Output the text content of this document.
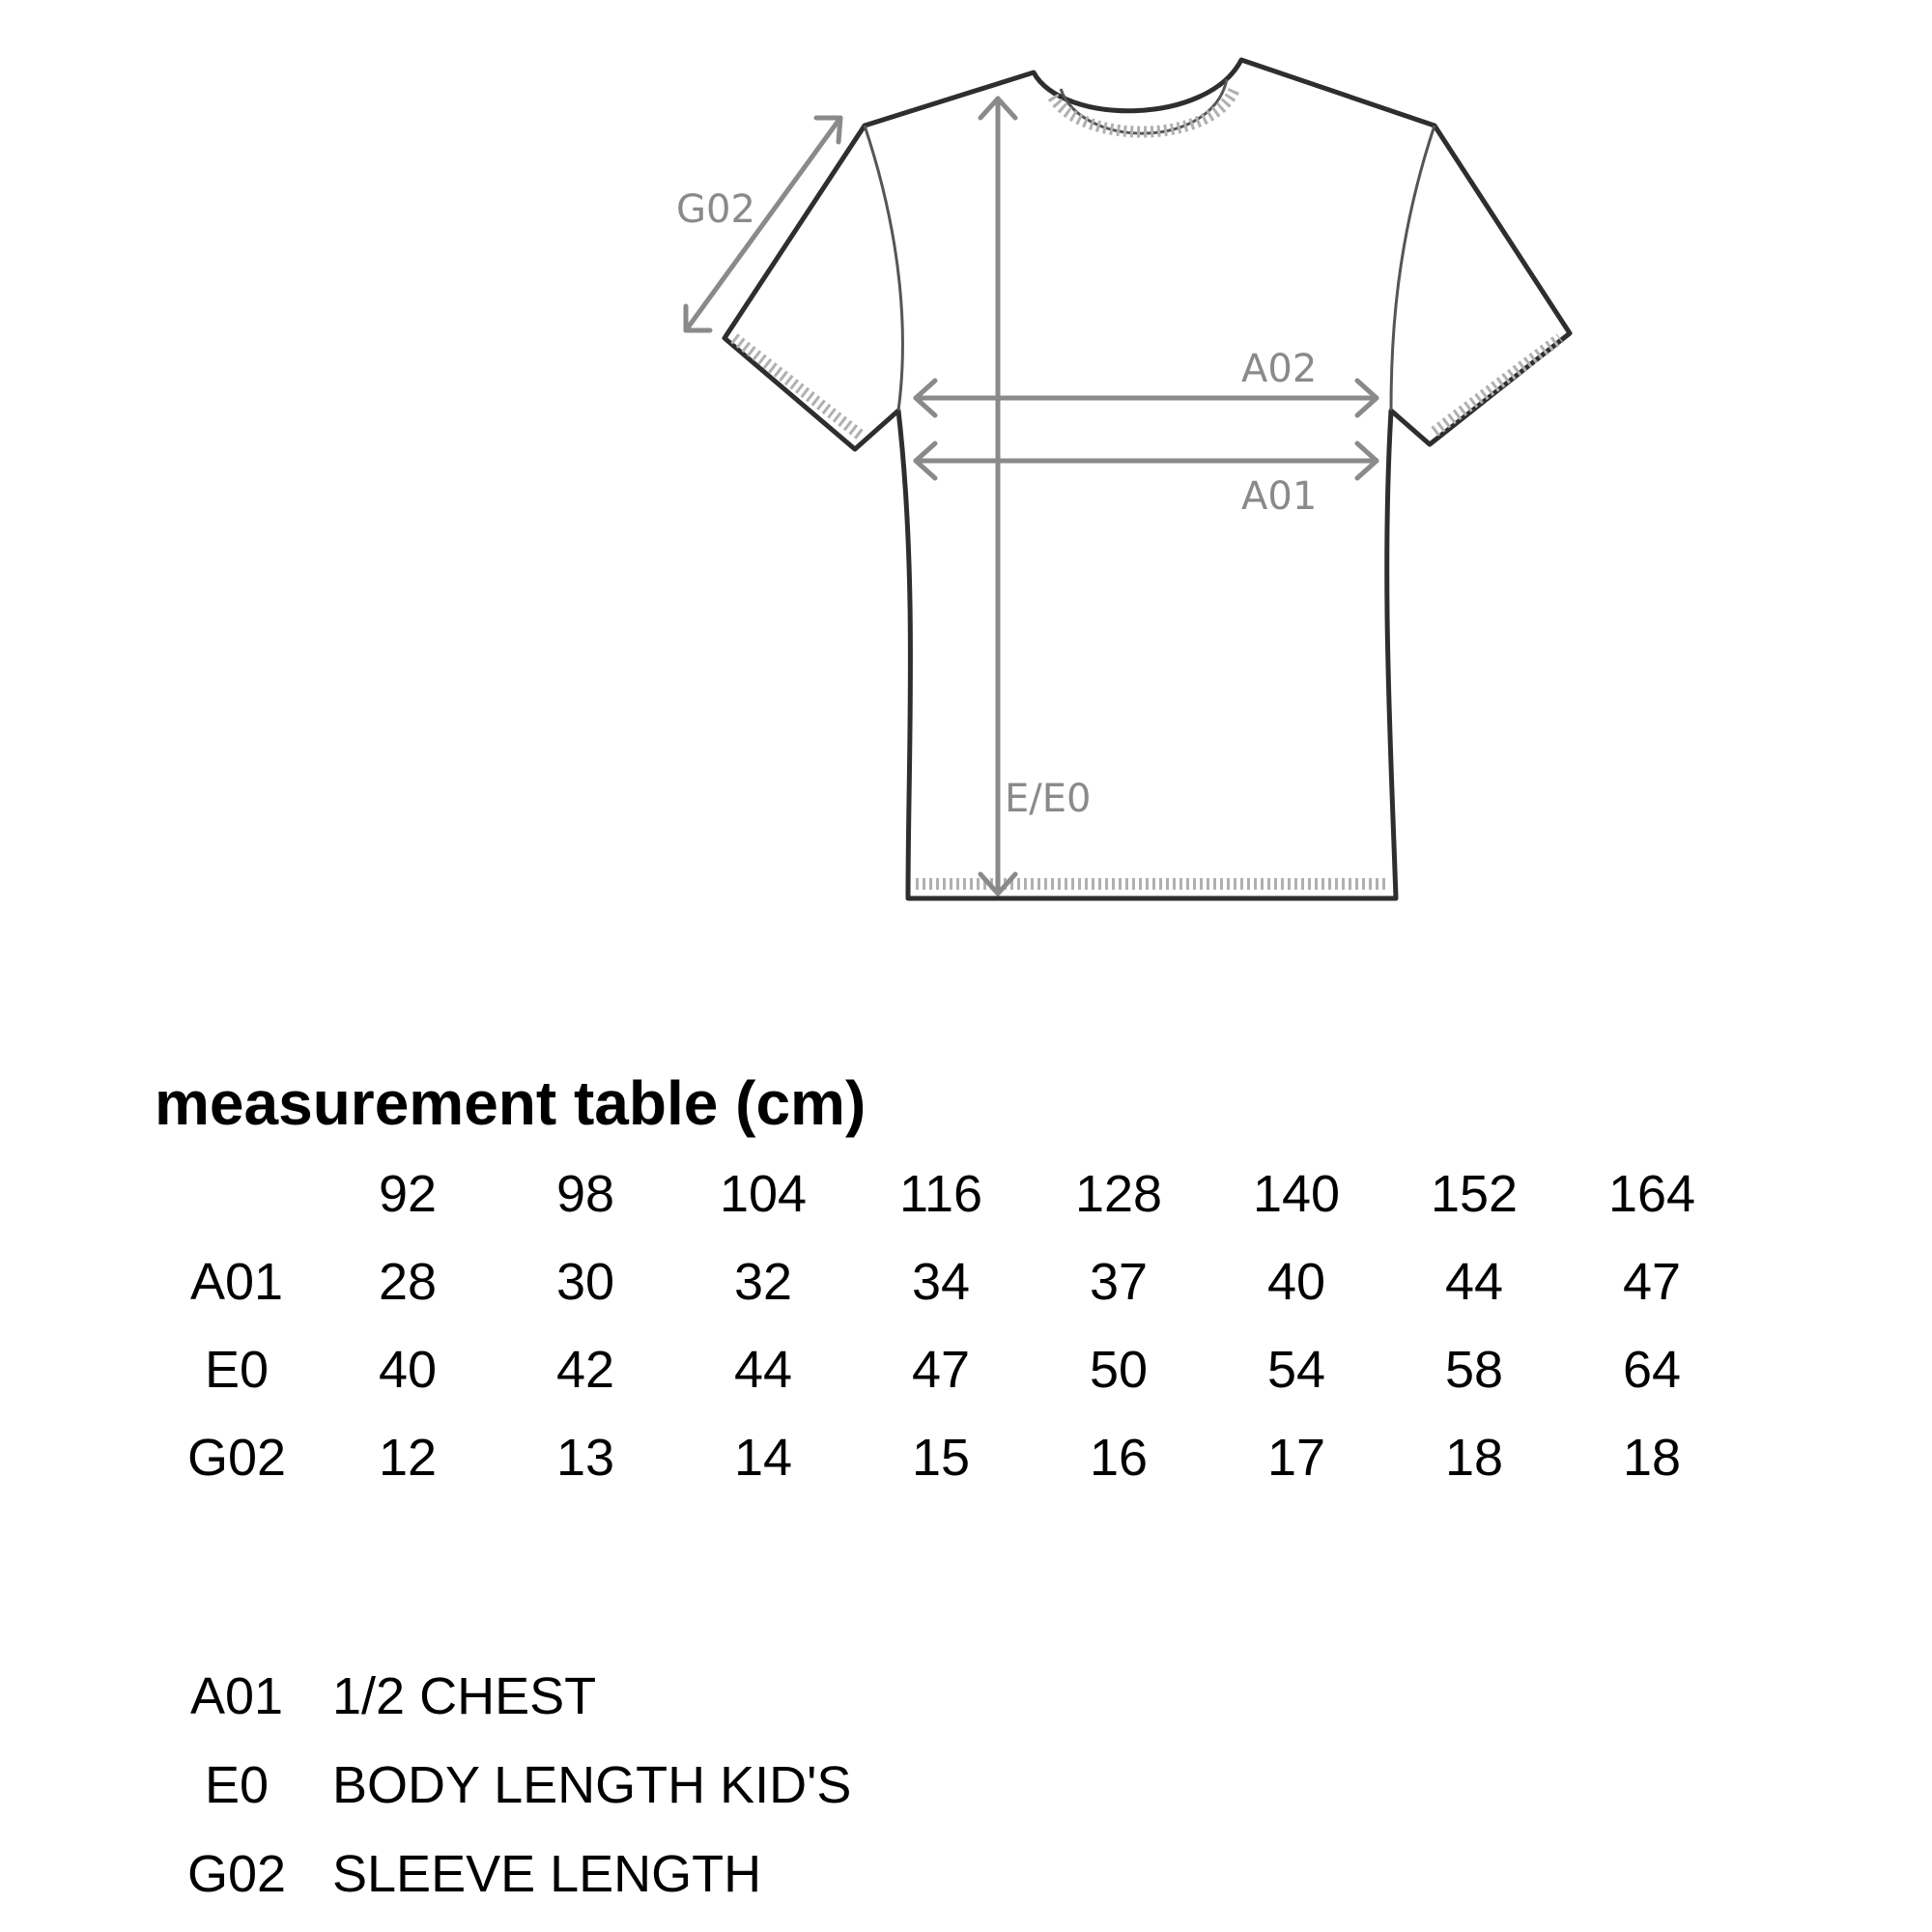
G02
A02
A01
E/E0
measurement table (cm)
	92	98	104	116	128	140	152	164
A01	28	30	32	34	37	40	44	47
E0	40	42	44	47	50	54	58	64
G02	12	13	14	15	16	17	18	18
A01	1/2 CHEST
E0	BODY LENGTH KID'S
G02	SLEEVE LENGTH
